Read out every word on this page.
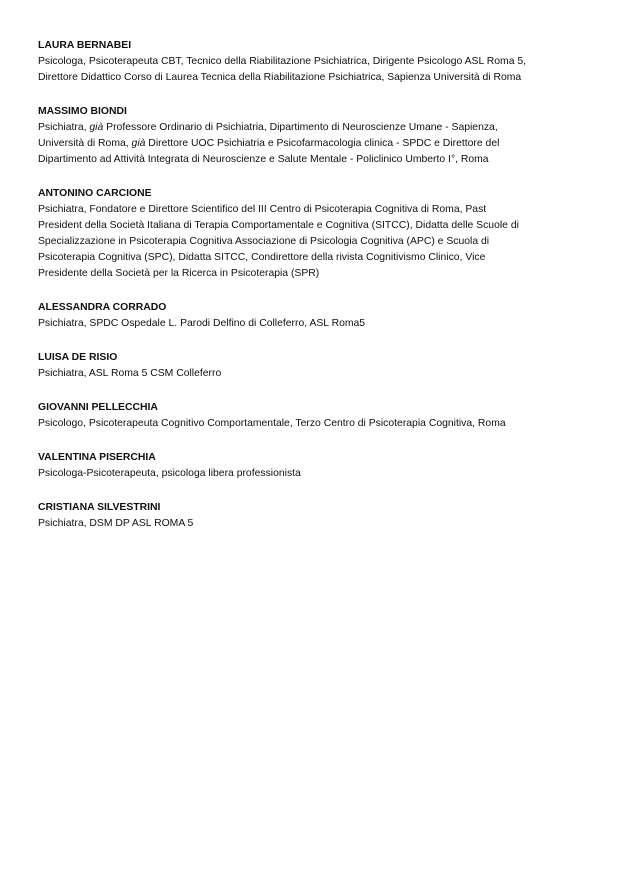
LAURA BERNABEI
Psicologa, Psicoterapeuta CBT, Tecnico della Riabilitazione Psichiatrica, Dirigente Psicologo ASL Roma 5,
Direttore Didattico Corso di Laurea Tecnica della Riabilitazione Psichiatrica, Sapienza Università di Roma
MASSIMO BIONDI
Psichiatra, già Professore Ordinario di Psichiatria, Dipartimento di Neuroscienze Umane - Sapienza,
Università di Roma, già Direttore UOC Psichiatria e Psicofarmacologia clinica - SPDC e Direttore del
Dipartimento ad Attività Integrata di Neuroscienze e Salute Mentale - Policlinico Umberto I°, Roma
ANTONINO CARCIONE
Psichiatra, Fondatore e Direttore Scientifico del III Centro di Psicoterapia Cognitiva di Roma, Past
President della Società Italiana di Terapia Comportamentale e Cognitiva (SITCC), Didatta delle Scuole di
Specializzazione in Psicoterapia Cognitiva Associazione di Psicologia Cognitiva (APC) e Scuola di
Psicoterapia Cognitiva (SPC), Didatta SITCC, Condirettore della rivista Cognitivismo Clinico, Vice
Presidente della Società per la Ricerca in Psicoterapia (SPR)
ALESSANDRA CORRADO
Psichiatra, SPDC Ospedale L. Parodi Delfino di Colleferro, ASL Roma5
LUISA DE RISIO
Psichiatra, ASL Roma 5 CSM Colleferro
GIOVANNI PELLECCHIA
Psicologo, Psicoterapeuta Cognitivo Comportamentale, Terzo Centro di Psicoterapia Cognitiva, Roma
VALENTINA PISERCHIA
Psicologa-Psicoterapeuta, psicologa libera professionista
CRISTIANA SILVESTRINI
Psichiatra, DSM DP ASL ROMA 5
